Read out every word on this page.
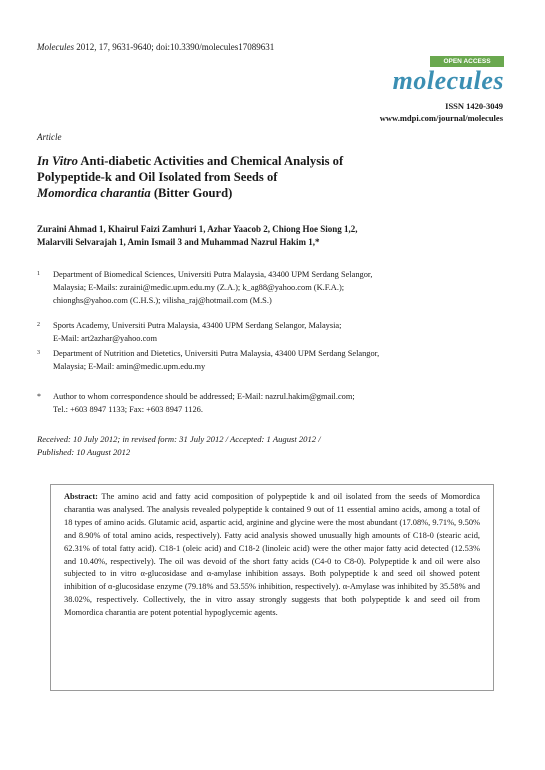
Molecules 2012, 17, 9631-9640; doi:10.3390/molecules17089631
OPEN ACCESS
molecules
ISSN 1420-3049
www.mdpi.com/journal/molecules
Article
In Vitro Anti-diabetic Activities and Chemical Analysis of
Polypeptide-k and Oil Isolated from Seeds of
Momordica charantia (Bitter Gourd)
Zuraini Ahmad 1, Khairul Faizi Zamhuri 1, Azhar Yaacob 2, Chiong Hoe Siong 1,2,
Malarvili Selvarajah 1, Amin Ismail 3 and Muhammad Nazrul Hakim 1,*
1 Department of Biomedical Sciences, Universiti Putra Malaysia, 43400 UPM Serdang Selangor,
Malaysia; E-Mails: zuraini@medic.upm.edu.my (Z.A.); k_ag88@yahoo.com (K.F.A.);
chionghs@yahoo.com (C.H.S.); vilisha_raj@hotmail.com (M.S.)
2 Sports Academy, Universiti Putra Malaysia, 43400 UPM Serdang Selangor, Malaysia;
E-Mail: art2azhar@yahoo.com
3 Department of Nutrition and Dietetics, Universiti Putra Malaysia, 43400 UPM Serdang Selangor,
Malaysia; E-Mail: amin@medic.upm.edu.my
* Author to whom correspondence should be addressed; E-Mail: nazrul.hakim@gmail.com;
Tel.: +603 8947 1133; Fax: +603 8947 1126.
Received: 10 July 2012; in revised form: 31 July 2012 / Accepted: 1 August 2012 /
Published: 10 August 2012
Abstract: The amino acid and fatty acid composition of polypeptide k and oil isolated from the seeds of Momordica charantia was analysed. The analysis revealed polypeptide k contained 9 out of 11 essential amino acids, among a total of 18 types of amino acids. Glutamic acid, aspartic acid, arginine and glycine were the most abundant (17.08%, 9.71%, 9.50% and 8.90% of total amino acids, respectively). Fatty acid analysis showed unusually high amounts of C18-0 (stearic acid, 62.31% of total fatty acid). C18-1 (oleic acid) and C18-2 (linoleic acid) were the other major fatty acid detected (12.53% and 10.40%, respectively). The oil was devoid of the short fatty acids (C4-0 to C8-0). Polypeptide k and oil were also subjected to in vitro α-glucosidase and α-amylase inhibition assays. Both polypeptide k and seed oil showed potent inhibition of α-glucosidase enzyme (79.18% and 53.55% inhibition, respectively). α-Amylase was inhibited by 35.58% and 38.02%, respectively. Collectively, the in vitro assay strongly suggests that both polypeptide k and seed oil from Momordica charantia are potent potential hypoglycemic agents.
